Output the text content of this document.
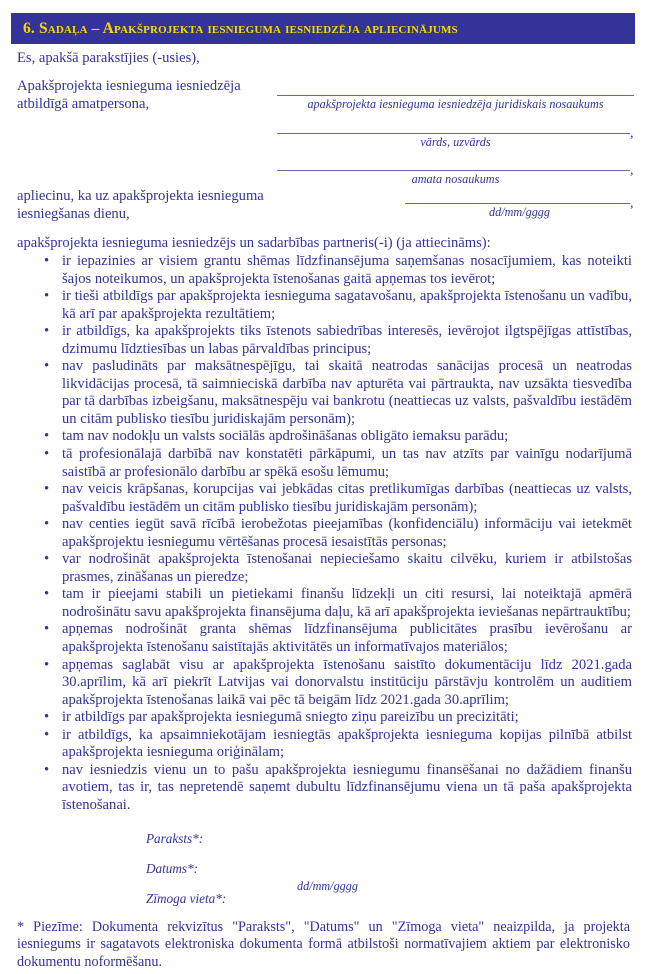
6. Sadaļa – Apakšprojekta iesnieguma iesniedzēja apliecinājums
Es, apakšā parakstījies (-usies),
Apakšprojekta iesnieguma iesniedzēja atbildīgā amatpersona,	apakšprojekta iesnieguma iesniedzēja juridiskais nosaukums
vārds, uzvārds
,
amata nosaukums
,
apliecinu, ka uz apakšprojekta iesnieguma iesniegšanas dienu,	dd/mm/gggg
,
apakšprojekta iesnieguma iesniedzējs un sadarbības partneris(-i) (ja attiecināms):
• ir iepazinies ar visiem grantu shēmas līdzfinansējuma saņemšanas nosacījumiem, kas noteikti šajos noteikumos, un apakšprojekta īstenošanas gaitā apņemas tos ievērot;
• ir tieši atbildīgs par apakšprojekta iesnieguma sagatavošanu, apakšprojekta īstenošanu un vadību, kā arī par apakšprojekta rezultātiem;
• ir atbildīgs, ka apakšprojekts tiks īstenots sabiedrības interesēs, ievērojot ilgtspējīgas attīstības, dzimumu līdztiesības un labas pārvaldības principus;
• nav pasludināts par maksātnespējīgu, tai skaitā neatrodas sanācijas procesā un neatrodas likvidācijas procesā, tā saimnieciskā darbība nav apturēta vai pārtraukta, nav uzsākta tiesvedība par tā darbības izbeigšanu, maksātnespēju vai bankrotu (neattiecas uz valsts, pašvaldību iestādēm un citām publisko tiesību juridiskajām personām);
• tam nav nodokļu un valsts sociālās apdrošināšanas obligāto iemaksu parādu;
• tā profesionālajā darbībā nav konstatēti pārkāpumi, un tas nav atzīts par vainīgu nodarījumā saistībā ar profesionālo darbību ar spēkā esošu lēmumu;
• nav veicis krāpšanas, korupcijas vai jebkādas citas pretlikumīgas darbības (neattiecas uz valsts, pašvaldību iestādēm un citām publisko tiesību juridiskajām personām);
• nav centies iegūt savā rīcībā ierobežotas pieejamības (konfidenciālu) informāciju vai ietekmēt apakšprojektu iesniegumu vērtēšanas procesā iesaistītās personas;
• var nodrošināt apakšprojekta īstenošanai nepieciešamo skaitu cilvēku, kuriem ir atbilstošas prasmes, zināšanas un pieredze;
• tam ir pieejami stabili un pietiekami finanšu līdzekļi un citi resursi, lai noteiktajā apmērā nodrošinātu savu apakšprojekta finansējuma daļu, kā arī apakšprojekta ieviešanas nepārtrauktību;
• apņemas nodrošināt granta shēmas līdzfinansējuma publicitātes prasību ievērošanu ar apakšprojekta īstenošanu saistītajās aktivitātēs un informatīvajos materiālos;
• apņemas saglabāt visu ar apakšprojekta īstenošanu saistīto dokumentāciju līdz 2021.gada 30.aprīlim, kā arī piekrīt Latvijas vai donorvalstu institūciju pārstāvju kontrolēm un auditiem apakšprojekta īstenošanas laikā vai pēc tā beigām līdz 2021.gada 30.aprīlim;
• ir atbildīgs par apakšprojekta iesniegumā sniegto ziņu pareizību un precizitāti;
• ir atbildīgs, ka apsaimniekotājam iesniegtās apakšprojekta iesnieguma kopijas pilnībā atbilst apakšprojekta iesnieguma oriģinālam;
• nav iesniedzis vienu un to pašu apakšprojekta iesniegumu finansēšanai no dažādiem finanšu avotiem, tas ir, tas nepretendē saņemt dubultu līdzfinansējumu viena un tā paša apakšprojekta īstenošanai.
Paraksts*:
Datums*:
dd/mm/gggg
Zīmoga vieta*:
* Piezīme: Dokumenta rekvizītus "Paraksts", "Datums" un "Zīmoga vieta" neaizpilda, ja projekta iesniegums ir sagatavots elektroniska dokumenta formā atbilstoši normatīvajiem aktiem par elektronisko dokumentu noformēšanu.
